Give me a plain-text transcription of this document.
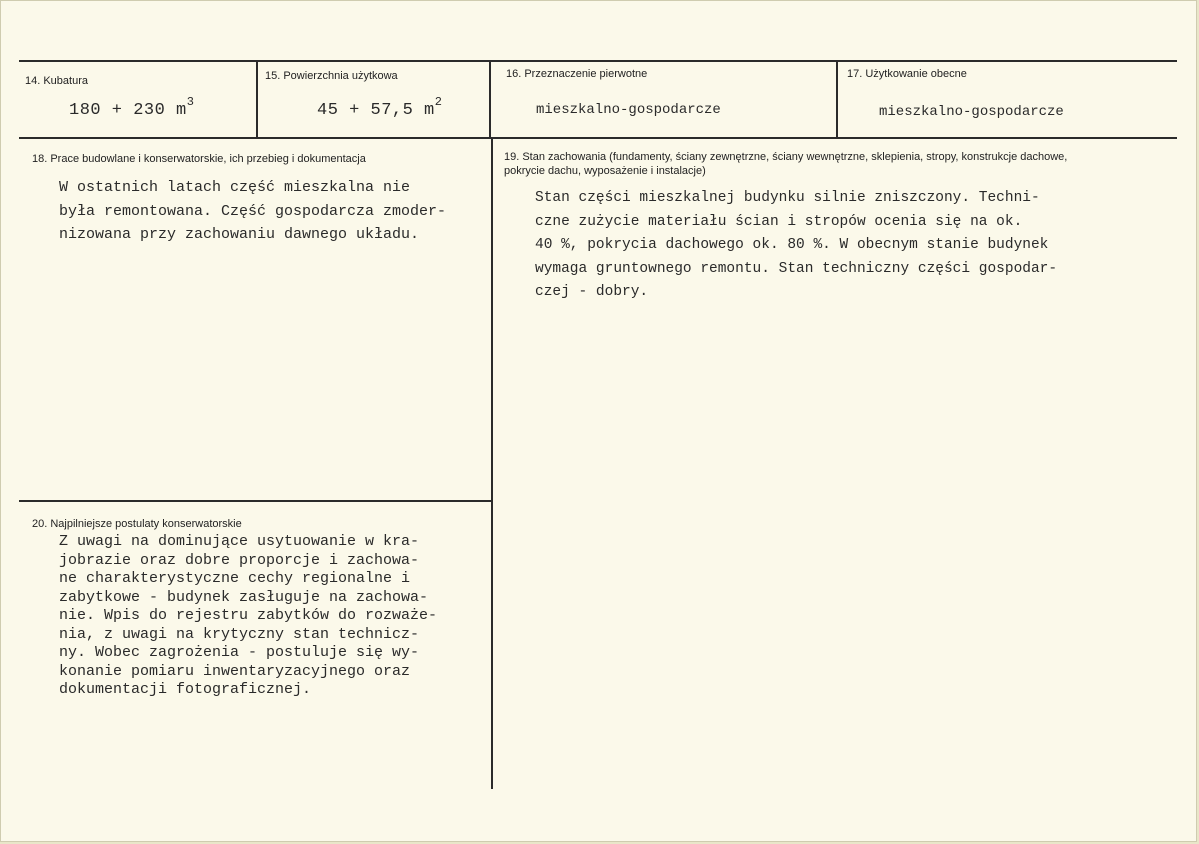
14. Kubatura
180 + 230 $m^3$
15. Powierzchnia użytkowa
45 + 57,5 $m^2$
16. Przeznaczenie pierwotne
mieszkalno-gospodarcze
17. Użytkowanie obecne
mieszkalno-gospodarcze
18. Prace budowlane i konserwatorskie, ich przebieg i dokumentacja
W ostatnich latach część mieszkalna nie
była remontowana. Część gospodarcza zmoder-
nizowana przy zachowaniu dawnego układu.
19. Stan zachowania (fundamenty, ściany zewnętrzne, ściany wewnętrzne, sklepienia, stropy, konstrukcje dachowe, pokrycie dachu, wyposażenie i instalacje)
Stan części mieszkalnej budynku silnie zniszczony. Techni-
czne zużycie materiału ścian i stropów ocenia się na ok.
40 %, pokrycia dachowego ok. 80 %. W obecnym stanie budynek
wymaga gruntownego remontu. Stan techniczny części gospodar-
czej - dobry.
20. Najpilniejsze postulaty konserwatorskie
Z uwagi na dominujące usytuowanie w kra-
jobrazie oraz dobre proporcje i zachowa-
ne charakterystyczne cechy regionalne i
zabytkowe - budynek zasługuje na zachowa-
nie. Wpis do rejestru zabytków do rozważe-
nia, z uwagi na krytyczny stan technicz-
ny. Wobec zagrożenia - postuluje się wy-
konanie pomiaru inwentaryzacyjnego oraz
dokumentacji fotograficznej.
